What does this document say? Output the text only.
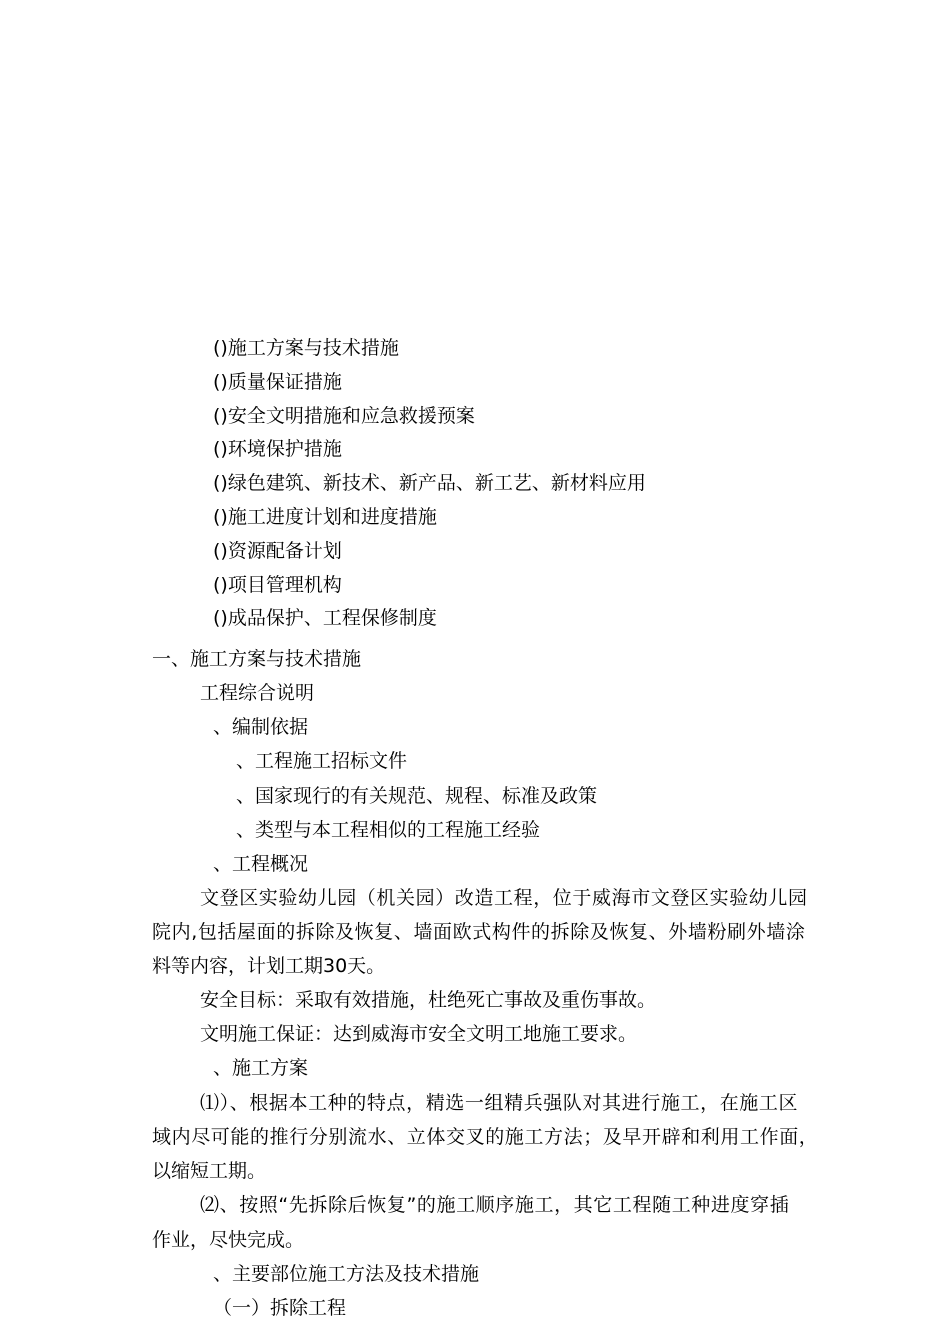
()施工方案与技术措施
()质量保证措施
()安全文明措施和应急救援预案
()环境保护措施
()绿色建筑、新技术、新产品、新工艺、新材料应用
()施工进度计划和进度措施
()资源配备计划
()项目管理机构
()成品保护、工程保修制度
一、施工方案与技术措施
工程综合说明
、编制依据
、工程施工招标文件
、国家现行的有关规范、规程、标准及政策
、类型与本工程相似的工程施工经验
、工程概况
文登区实验幼儿园（机关园）改造工程，位于威海市文登区实验幼儿园
院内,包括屋面的拆除及恢复、墙面欧式构件的拆除及恢复、外墙粉刷外墙涂
料等内容，计划工期30天。
安全目标：采取有效措施，杜绝死亡事故及重伤事故。
文明施工保证：达到威海市安全文明工地施工要求。
、施工方案
⑴）、根据本工种的特点，精选一组精兵强队对其进行施工，在施工区
域内尽可能的推行分别流水、立体交叉的施工方法；及早开辟和利用工作面，
以缩短工期。
⑵、按照“先拆除后恢复”的施工顺序施工，其它工程随工种进度穿插
作业，尽快完成。
、主要部位施工方法及技术措施
（一）拆除工程
